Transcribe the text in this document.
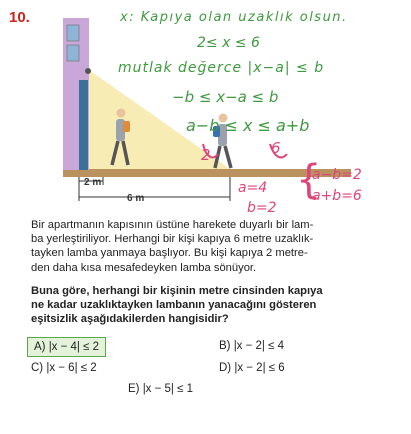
10.
2 m
6 m
x: Kapıya olan uzaklık olsun.
2≤ x ≤ 6
mutlak değerce |x−a| ≤ b
−b ≤ x−a ≤ b
a−b ≤ x ≤ a+b
2	6
{
a−b=2
a+b=6
a=4
b=2

Bir apartmanın kapısının üstüne harekete duyarlı bir lam-

ba yerleştiriliyor. Herhangi bir kişi kapıya 6 metre uzaklık-

tayken lamba yanmaya başlıyor. Bu kişi kapıya 2 metre-

den daha kısa mesafedeyken lamba sönüyor.

Buna göre, herhangi bir kişinin metre cinsinden kapıya
ne kadar uzaklıktayken lambanın yanacağını gösteren
eşitsizlik aşağıdakilerden hangisidir?
A) |x − 4| ≤ 2	B) |x − 2| ≤ 4
C) |x − 6| ≤ 2	D) |x − 2| ≤ 6
E) |x − 5| ≤ 1
